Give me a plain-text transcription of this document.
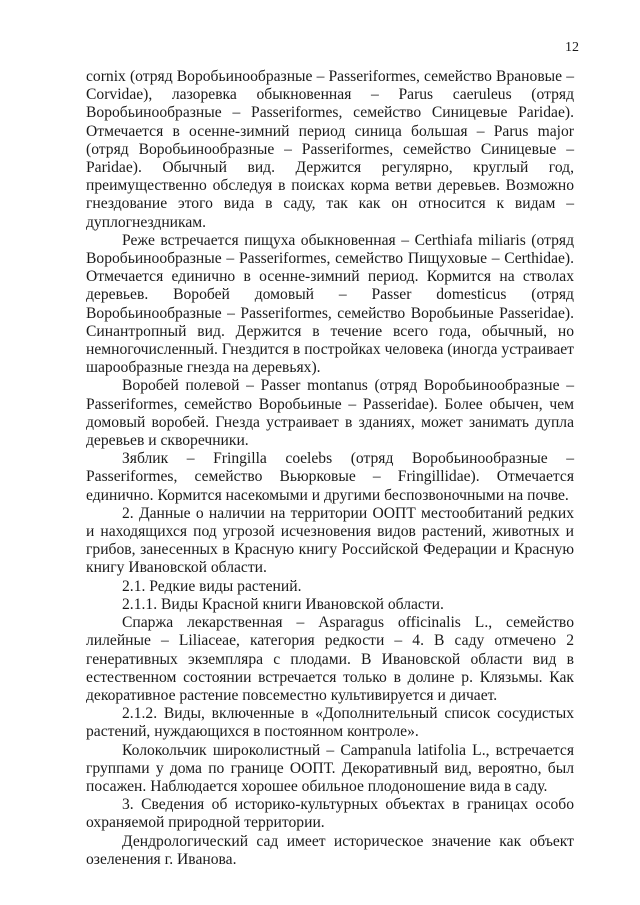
12

cornix (отряд Воробьинообразные – Passeriformes, семейство Врановые – Corvidae), лазоревка обыкновенная – Parus caeruleus (отряд Воробьинообразные – Passeriformes, семейство Синицевые Paridae). Отмечается в осенне-зимний период синица большая – Parus major (отряд Воробьинообразные – Passeriformes, семейство Синицевые – Paridae). Обычный вид. Держится регулярно, круглый год, преимущественно обследуя в поисках корма ветви деревьев. Возможно гнездование этого вида в саду, так как он относится к видам – дуплогнездникам.

Реже встречается пищуха обыкновенная – Certhiafa miliaris (отряд Воробьинообразные – Passeriformes, семейство Пищуховые – Certhidae). Отмечается единично в осенне-зимний период. Кормится на стволах деревьев. Воробей домовый – Passer domesticus (отряд Воробьинообразные – Passeriformes, семейство Воробьиные Passeridae). Синантропный вид. Держится в течение всего года, обычный, но немногочисленный. Гнездится в постройках человека (иногда устраивает шарообразные гнезда на деревьях).

Воробей полевой – Passer montanus (отряд Воробьинообразные – Passeriformes, семейство Воробьиные – Passeridae). Более обычен, чем домовый воробей. Гнезда устраивает в зданиях, может занимать дупла деревьев и скворечники.

Зяблик – Fringilla coelebs (отряд Воробьинообразные – Passeriformes, семейство Вьюрковые – Fringillidae). Отмечается единично. Кормится насекомыми и другими беспозвоночными на почве.

2. Данные о наличии на территории ООПТ местообитаний редких и находящихся под угрозой исчезновения видов растений, животных и грибов, занесенных в Красную книгу Российской Федерации и Красную книгу Ивановской области.

2.1. Редкие виды растений.

2.1.1. Виды Красной книги Ивановской области.

Спаржа лекарственная – Asparagus officinalis L., семейство лилейные – Liliaceae, категория редкости – 4. В саду отмечено 2 генеративных экземпляра с плодами. В Ивановской области вид в естественном состоянии встречается только в долине р. Клязьмы. Как декоративное растение повсеместно культивируется и дичает.

2.1.2. Виды, включенные в «Дополнительный список сосудистых растений, нуждающихся в постоянном контроле».

Колокольчик широколистный – Campanula latifolia L., встречается группами у дома по границе ООПТ. Декоративный вид, вероятно, был посажен. Наблюдается хорошее обильное плодоношение вида в саду.

3. Сведения об историко-культурных объектах в границах особо охраняемой природной территории.

Дендрологический сад имеет историческое значение как объект озеленения г. Иванова.
